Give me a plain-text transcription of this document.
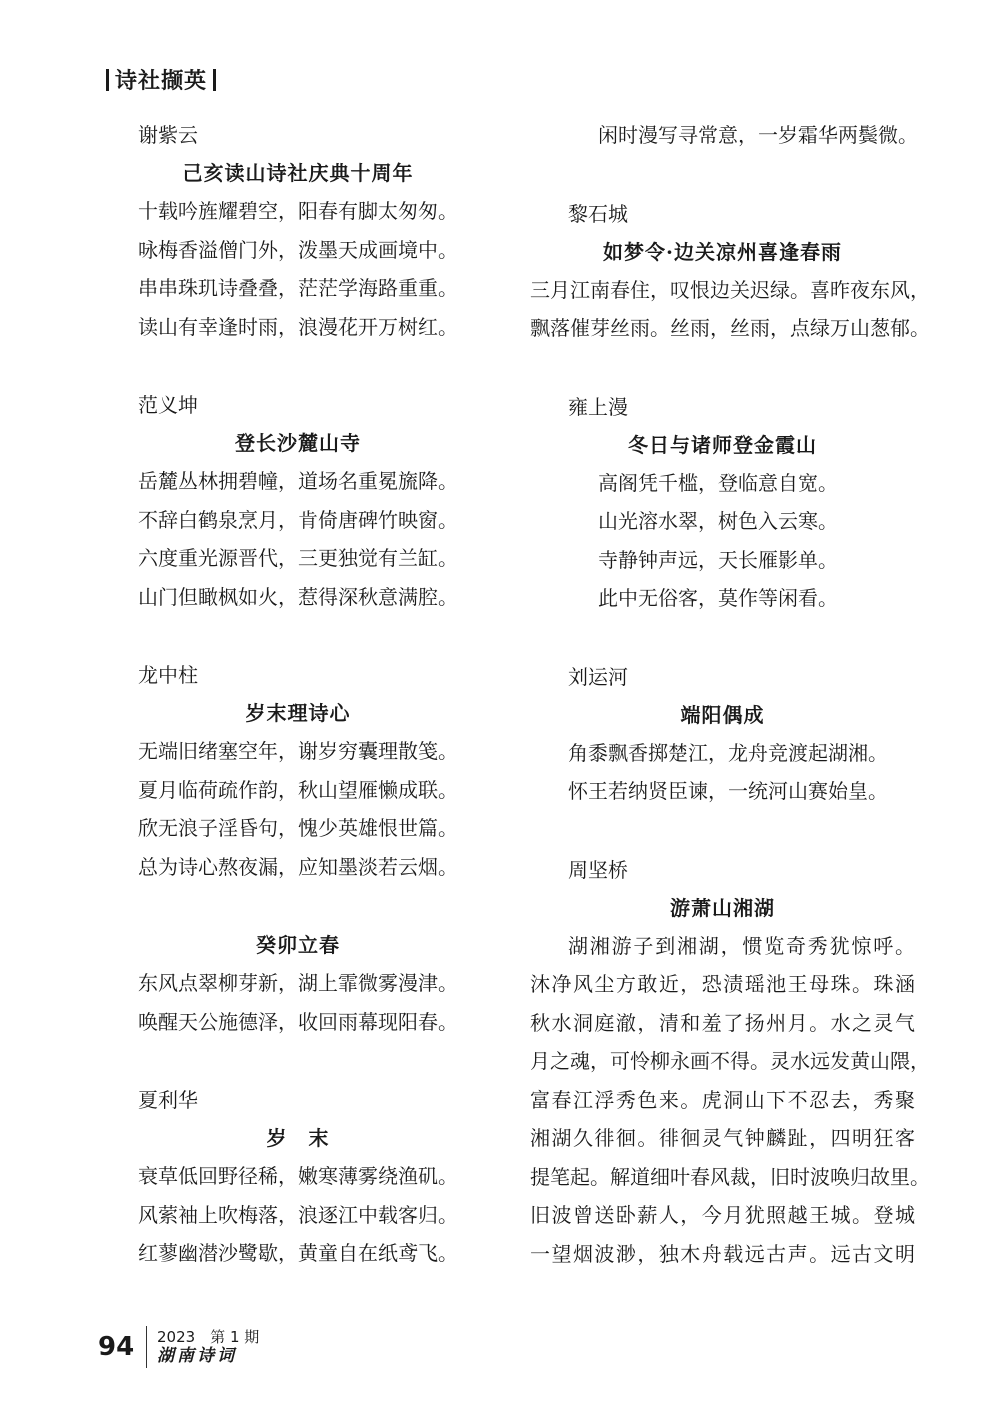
诗社撷英
谢紫云
己亥读山诗社庆典十周年
十载吟旌耀碧空，阳春有脚太匆匆。
咏梅香溢僧门外，泼墨天成画境中。
串串珠玑诗叠叠，茫茫学海路重重。
读山有幸逢时雨，浪漫花开万树红。
范义坤
登长沙麓山寺
岳麓丛林拥碧幢，道场名重冕旒降。
不辞白鹤泉烹月，肯倚唐碑竹映窗。
六度重光源晋代，三更独觉有兰缸。
山门但瞰枫如火，惹得深秋意满腔。
龙中柱
岁末理诗心
无端旧绪塞空年，谢岁穷囊理散笺。
夏月临荷疏作韵，秋山望雁懒成联。
欣无浪子淫昏句，愧少英雄恨世篇。
总为诗心熬夜漏，应知墨淡若云烟。
癸卯立春
东风点翠柳芽新，湖上霏微雾漫津。
唤醒天公施德泽，收回雨幕现阳春。
夏利华
岁　末
衰草低回野径稀，嫩寒薄雾绕渔矶。
风萦袖上吹梅落，浪逐江中载客归。
红蓼幽潜沙鹭歇，黄童自在纸鸢飞。
闲时漫写寻常意，一岁霜华两鬓微。
黎石城
如梦令·边关凉州喜逢春雨
三月江南春住，叹恨边关迟绿。喜昨夜东风，
飘落催芽丝雨。丝雨，丝雨，点绿万山葱郁。
雍上漫
冬日与诸师登金霞山
高阁凭千槛，登临意自宽。
山光溶水翠，树色入云寒。
寺静钟声远，天长雁影单。
此中无俗客，莫作等闲看。
刘运河
端阳偶成
角黍飘香掷楚江，龙舟竞渡起湖湘。
怀王若纳贤臣谏，一统河山赛始皇。
周坚桥
游萧山湘湖
湖湘游子到湘湖，惯览奇秀犹惊呼。
沐净风尘方敢近，恐渍瑶池王母珠。珠涵
秋水洞庭澈，清和羞了扬州月。水之灵气
月之魂，可怜柳永画不得。灵水远发黄山隈，
富春江浮秀色来。虎洞山下不忍去，秀聚
湘湖久徘徊。徘徊灵气钟麟趾，四明狂客
提笔起。解道细叶春风裁，旧时波唤归故里。
旧波曾送卧薪人，今月犹照越王城。登城
一望烟波渺，独木舟载远古声。远古文明
94	2023　第 1 期
湖南诗词
